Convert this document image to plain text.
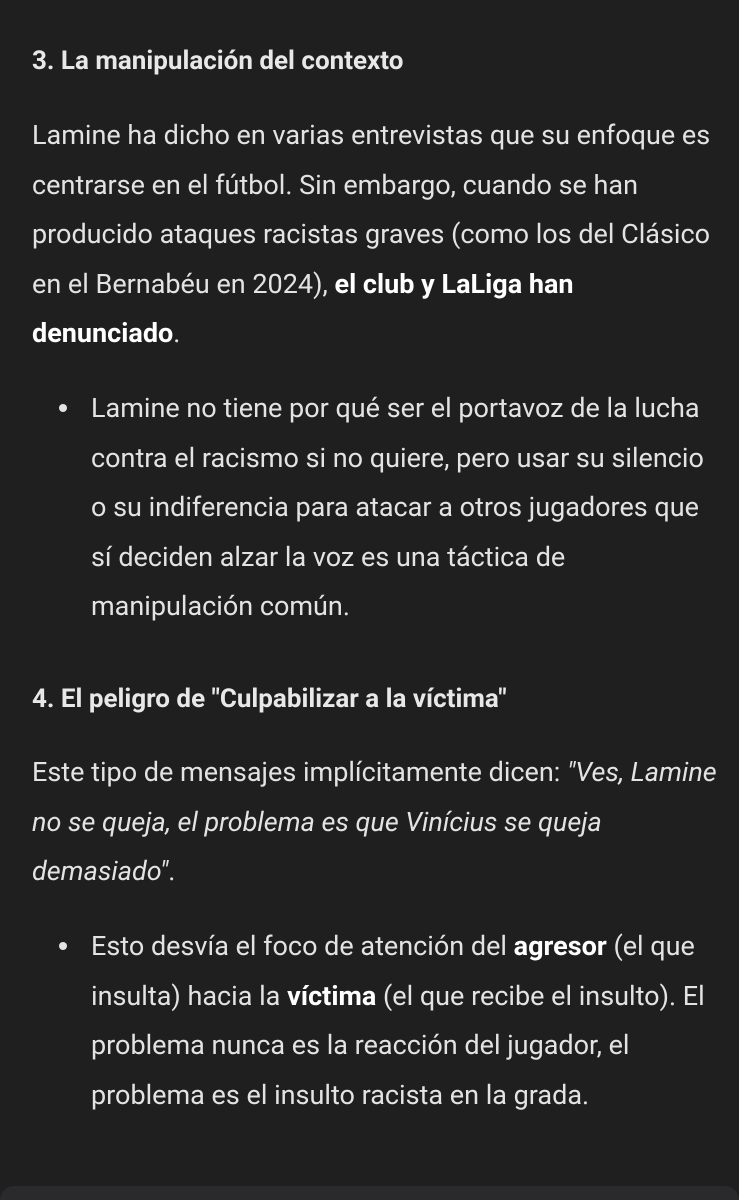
3. La manipulación del contexto

Lamine ha dicho en varias entrevistas que su enfoque es centrarse en el fútbol. Sin embargo, cuando se han producido ataques racistas graves (como los del Clásico en el Bernabéu en 2024), el club y LaLiga han denunciado.

Lamine no tiene por qué ser el portavoz de la lucha contra el racismo si no quiere, pero usar su silencio o su indiferencia para atacar a otros jugadores que sí deciden alzar la voz es una táctica de manipulación común.
4. El peligro de "Culpabilizar a la víctima"

Este tipo de mensajes implícitamente dicen: "Ves, Lamine no se queja, el problema es que Vinícius se queja demasiado".

Esto desvía el foco de atención del agresor (el que insulta) hacia la víctima (el que recibe el insulto). El problema nunca es la reacción del jugador, el problema es el insulto racista en la grada.
